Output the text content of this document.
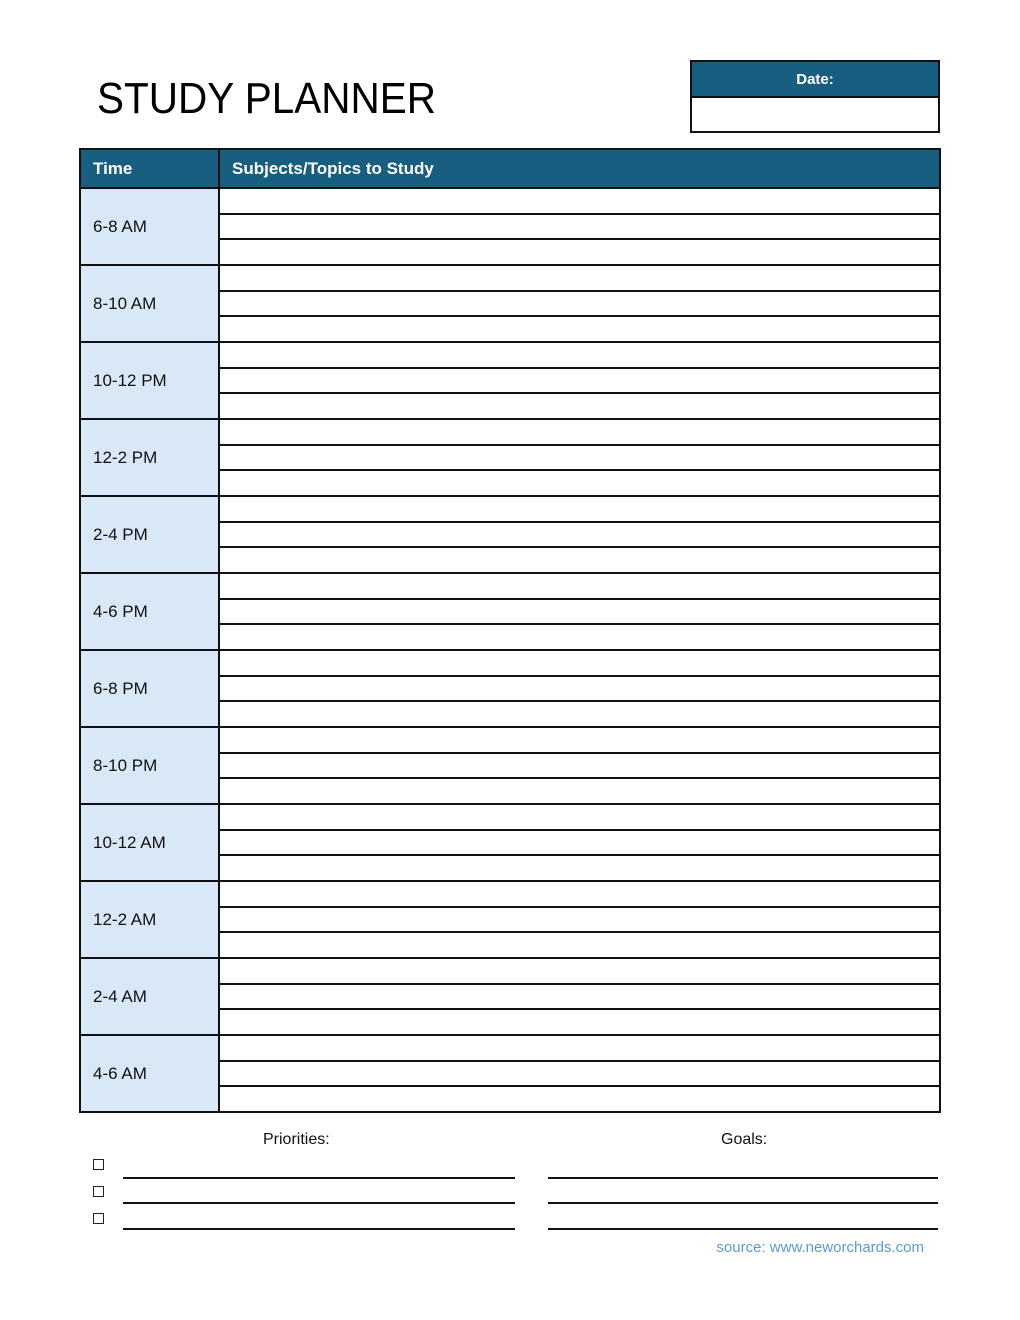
STUDY PLANNER	Date:
Time	Subjects/Topics to Study
6-8 AM
8-10 AM
10-12 PM
12-2 PM
2-4 PM
4-6 PM
6-8 PM
8-10 PM
10-12 AM
12-2 AM
2-4 AM
4-6 AM
Priorities:	Goals:
source: www.neworchards.com
